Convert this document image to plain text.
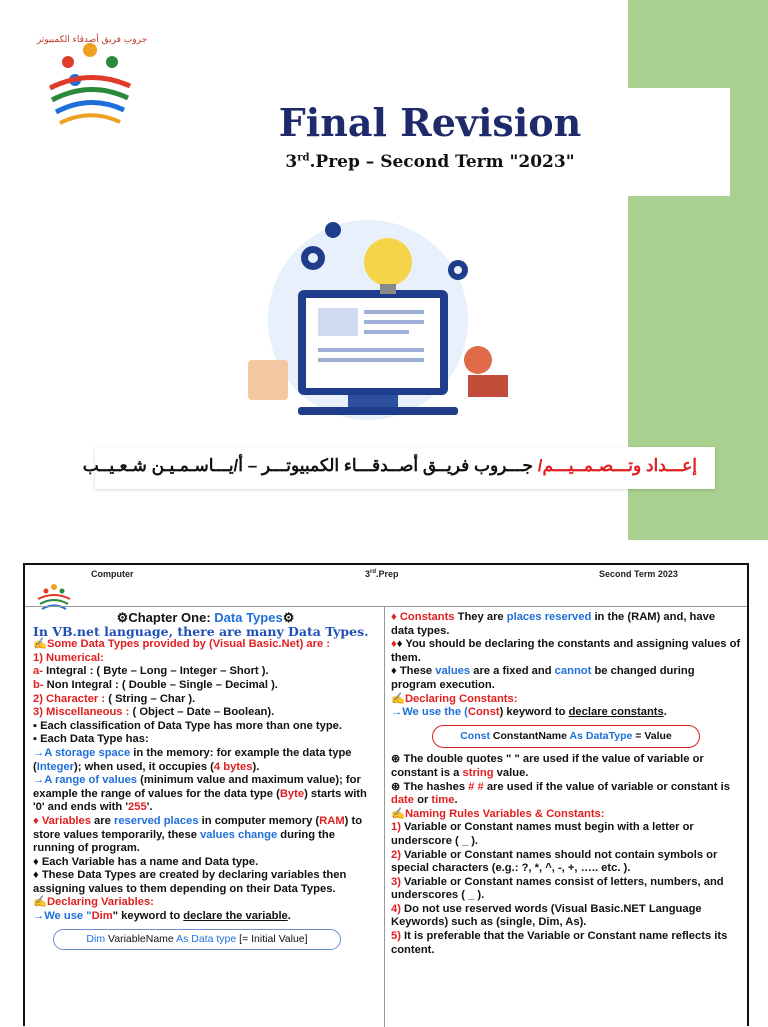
جروب فريق أصدقاء الكمبيوتر
Final Revision
3rd.Prep – Second Term "2023"
إعـــداد وتـــصـمــيـــم/ جـــروب فريــق أصــدقـــاء الكمبيوتـــر – أ/يـــاسـمـيـن شـعـيــب
Computer	3rd.Prep	Second Term 2023

⚙Chapter One: Data Types⚙

In VB.net language, there are many Data Types.

✍Some Data Types provided by (Visual Basic.Net) are :

1) Numerical:

a- Integral : ( Byte – Long – Integer – Short ).

b- Non Integral : ( Double – Single – Decimal ).

2) Character : ( String – Char ).

3) Miscellaneous : ( Object – Date – Boolean).

▪ Each classification of Data Type has more than one type.

▪ Each Data Type has:

→A storage space in the memory: for example the data type (Integer); when used, it occupies (4 bytes).

→A range of values (minimum value and maximum value); for example the range of values for the data type (Byte) starts with '0' and ends with '255'.

♦ Variables are reserved places in computer memory (RAM) to store values temporarily, these values change during the running of program.

♦ Each Variable has a name and Data type.

♦ These Data Types are created by declaring variables then assigning values to them depending on their Data Types.

✍Declaring Variables:

→We use "Dim" keyword to declare the variable.

Dim VariableName As Data type [= Initial Value]

♦ Constants They are places reserved in the (RAM) and, have data types.

♦♦ You should be declaring the constants and assigning values of them.

♦ These values are a fixed and cannot be changed during program execution.

✍Declaring Constants:

→We use the (Const) keyword to declare constants.

Const ConstantName As DataType = Value

⊛ The double quotes " " are used if the value of variable or constant is a string value.

⊛ The hashes # # are used if the value of variable or constant is date or time.

✍Naming Rules Variables & Constants:

1) Variable or Constant names must begin with a letter or underscore ( _ ).

2) Variable or Constant names should not contain symbols or special characters (e.g.: ?, *, ^, -, +, ….. etc. ).

3) Variable or Constant names consist of letters, numbers, and underscores ( _ ).

4) Do not use reserved words (Visual Basic.NET Language Keywords) such as (single, Dim, As).

5) It is preferable that the Variable or Constant name reflects its content.
